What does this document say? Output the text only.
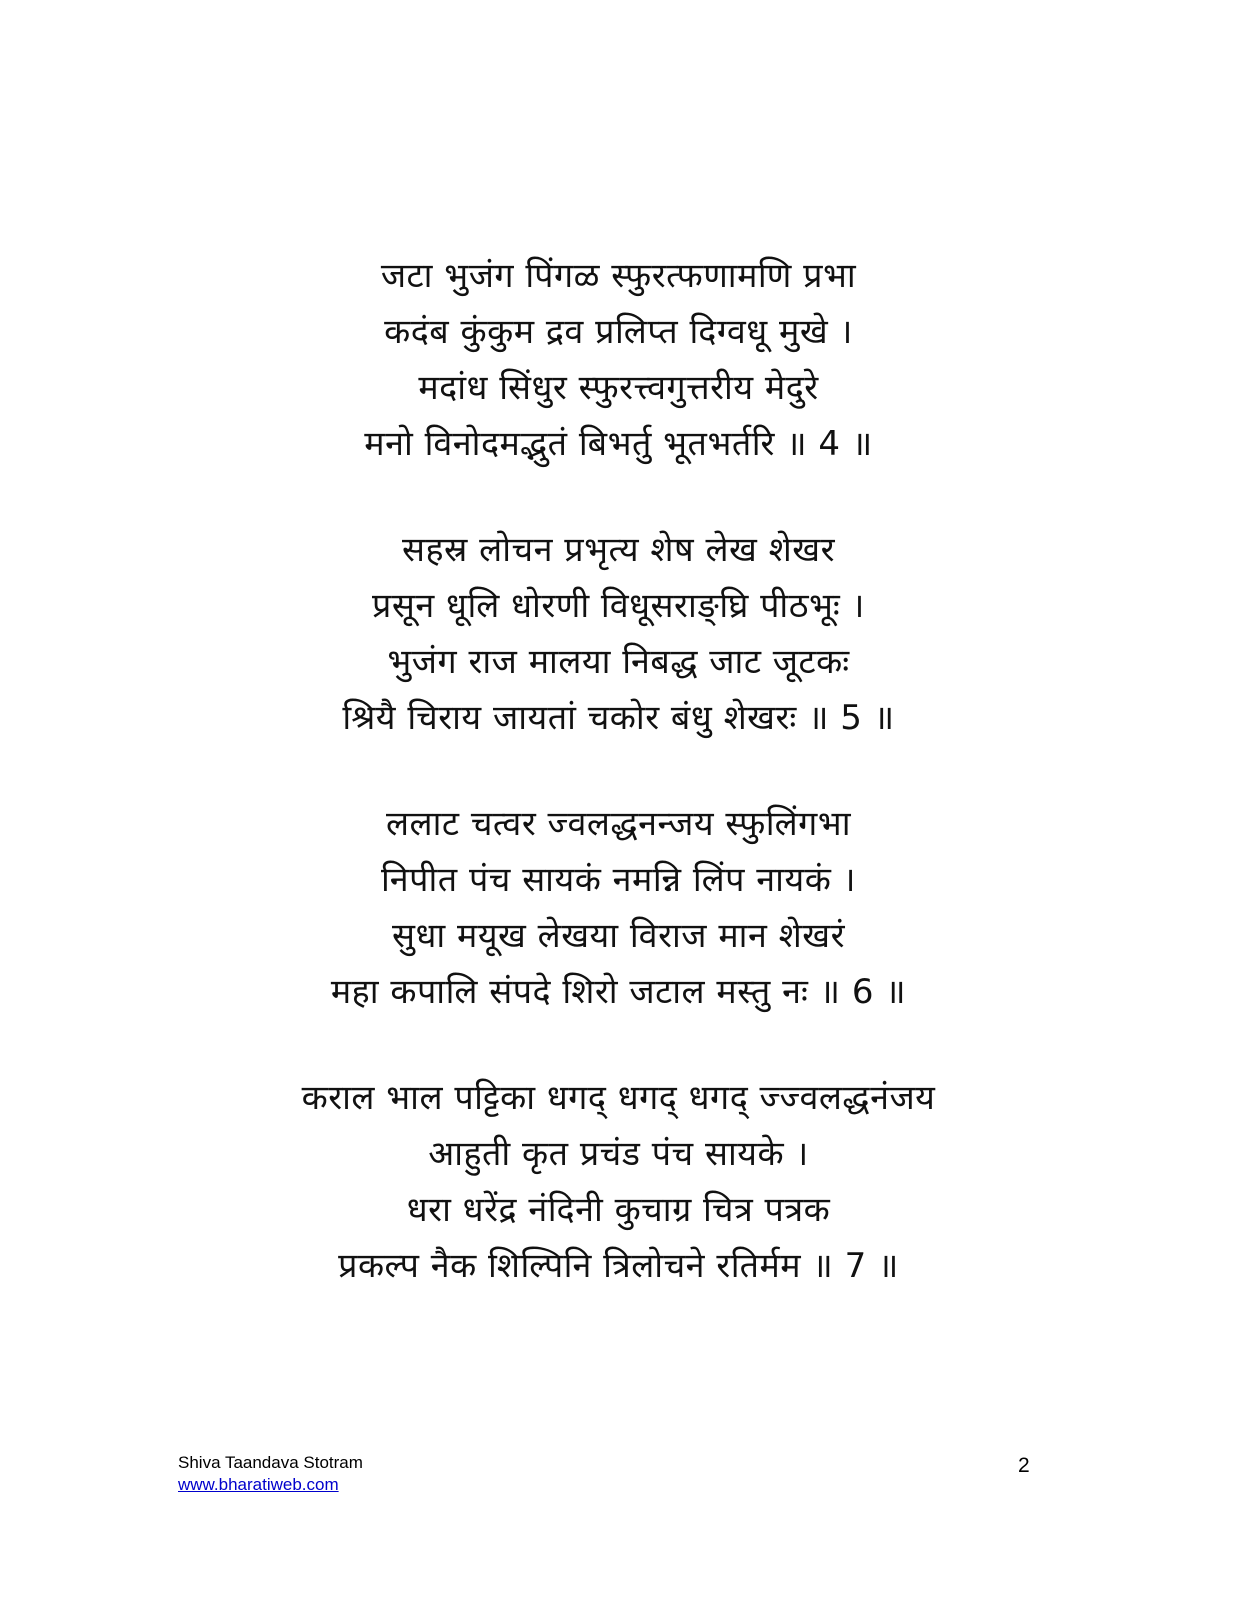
जटा भुजंग पिंगळ स्फुरत्फणामणि प्रभा
कदंब कुंकुम द्रव प्रलिप्त दिग्वधू मुखे ।
मदांध सिंधुर स्फुरत्त्वगुत्तरीय मेदुरे
मनो विनोदमद्भुतं बिभर्तु भूतभर्तरि ॥ 4 ॥
सहस्र लोचन प्रभृत्य शेष लेख शेखर
प्रसून धूलि धोरणी विधूसराङ्घ्रि पीठभूः ।
भुजंग राज मालया निबद्ध जाट जूटकः
श्रियै चिराय जायतां चकोर बंधु शेखरः ॥ 5 ॥
ललाट चत्वर ज्वलद्धनन्जय स्फुलिंगभा
निपीत पंच सायकं नमन्नि लिंप नायकं ।
सुधा मयूख लेखया विराज मान शेखरं
महा कपालि संपदे शिरो जटाल मस्तु नः ॥ 6 ॥
कराल भाल पट्टिका धगद् धगद् धगद् ज्ज्वलद्धनंजय
आहुती कृत प्रचंड पंच सायके ।
धरा धरेंद्र नंदिनी कुचाग्र चित्र पत्रक
प्रकल्प नैक शिल्पिनि त्रिलोचने रतिर्मम ॥ 7 ॥
Shiva Taandava Stotram
www.bharatiweb.com
2
